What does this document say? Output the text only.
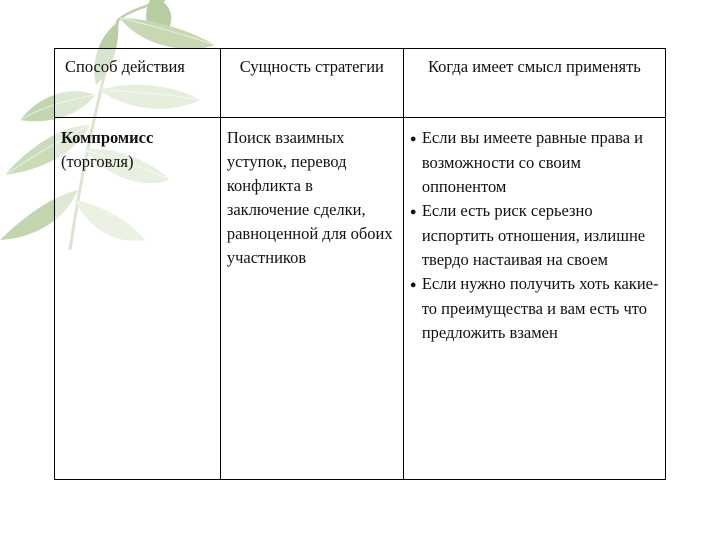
Способ действия	Сущность стратегии	Когда имеет смысл применять

Компромисс
(торговля)	Поиск взаимных уступок, перевод конфликта в заключение сделки, равноценной для обоих участников	● Если вы имеете равные права и возможности со своим оппонентом
● Если есть риск серьезно испортить отношения, излишне твердо настаивая на своем
● Если нужно получить хоть какие-то преимущества и вам есть что предложить взамен
